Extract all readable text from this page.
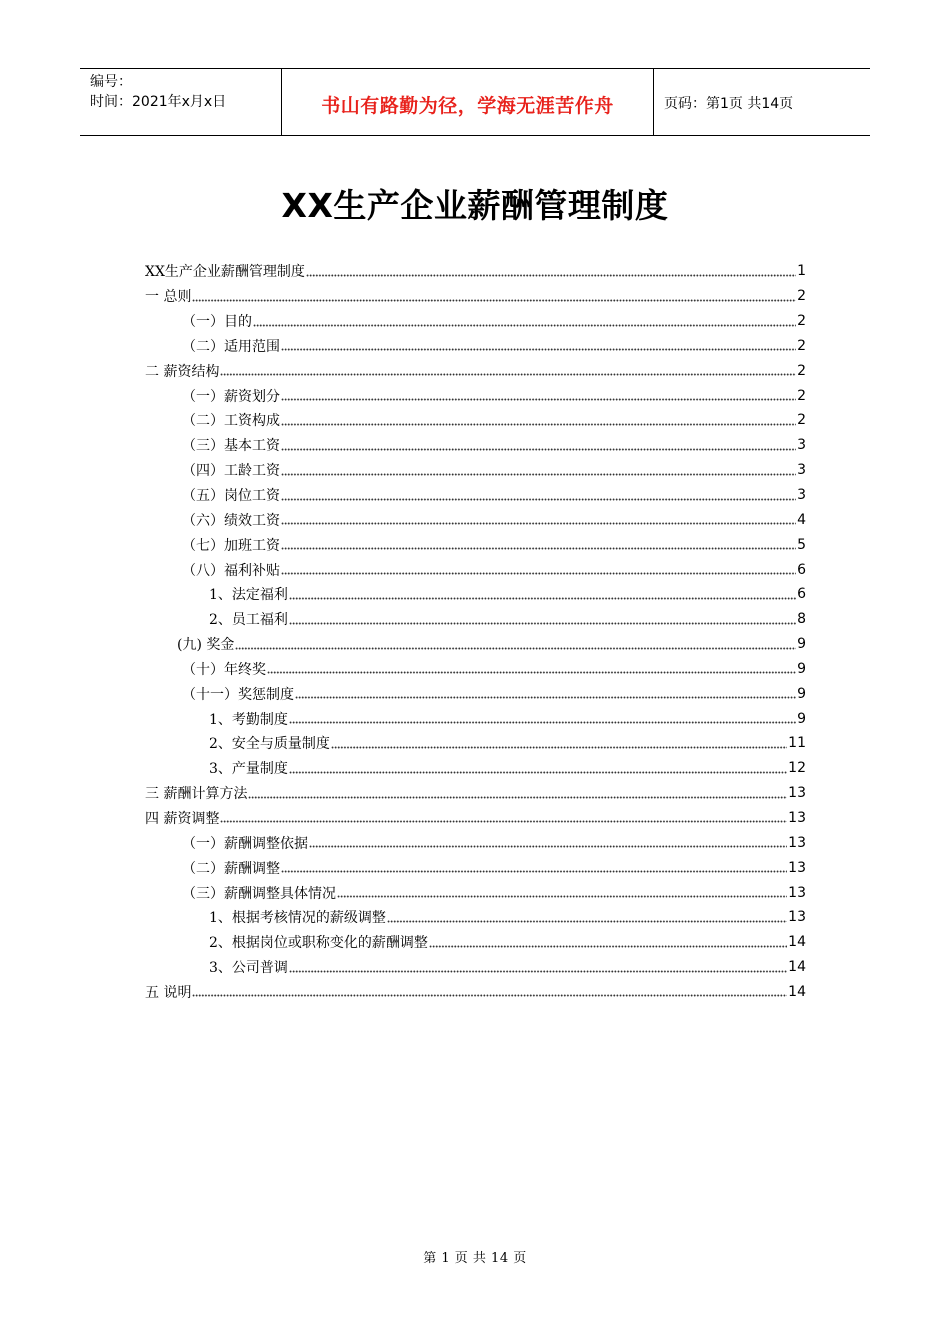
编号：
时间：2021年x月x日	书山有路勤为径，学海无涯苦作舟	页码：第1页 共14页
XX生产企业薪酬管理制度
XX生产企业薪酬管理制度	1
一 总则	2
（一）目的	2
（二）适用范围	2
二 薪资结构	2
（一）薪资划分	2
（二）工资构成	2
（三）基本工资	3
（四）工龄工资	3
（五）岗位工资	3
（六）绩效工资	4
（七）加班工资	5
（八）福利补贴	6
1、法定福利	6
2、员工福利	8
(九) 奖金	9
（十）年终奖	9
（十一）奖惩制度	9
1、考勤制度	9
2、安全与质量制度	11
3、产量制度	12
三 薪酬计算方法	13
四 薪资调整	13
（一）薪酬调整依据	13
（二）薪酬调整	13
（三）薪酬调整具体情况	13
1、根据考核情况的薪级调整	13
2、根据岗位或职称变化的薪酬调整	14
3、公司普调	14
五 说明	14
第 1 页 共 14 页
